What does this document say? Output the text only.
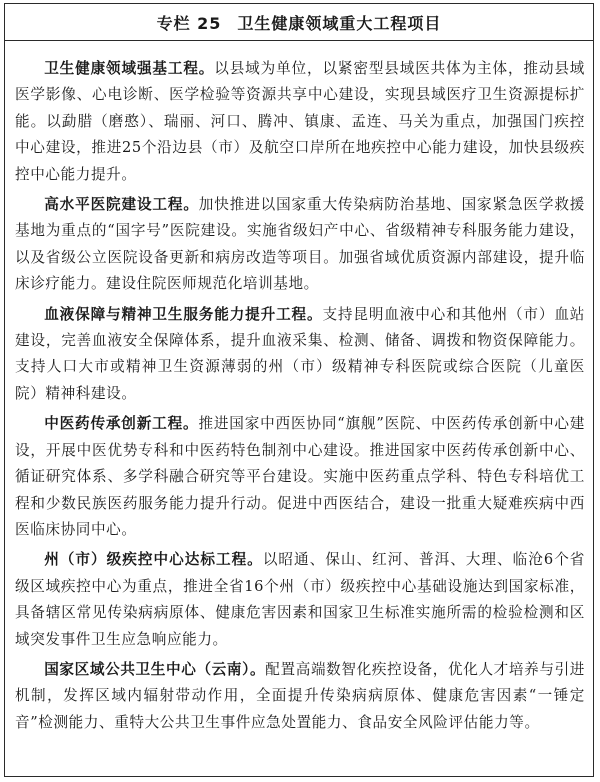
专栏 25 卫生健康领域重大工程项目

卫生健康领域强基工程。以县域为单位，以紧密型县域医共体为主体，推动县域医学影像、心电诊断、医学检验等资源共享中心建设，实现县域医疗卫生资源提标扩能。以勐腊（磨憨）、瑞丽、河口、腾冲、镇康、孟连、马关为重点，加强国门疾控中心建设，推进25个沿边县（市）及航空口岸所在地疾控中心能力建设，加快县级疾控中心能力提升。

高水平医院建设工程。加快推进以国家重大传染病防治基地、国家紧急医学救援基地为重点的“国字号”医院建设。实施省级妇产中心、省级精神专科服务能力建设，以及省级公立医院设备更新和病房改造等项目。加强省域优质资源内部建设，提升临床诊疗能力。建设住院医师规范化培训基地。

血液保障与精神卫生服务能力提升工程。支持昆明血液中心和其他州（市）血站建设，完善血液安全保障体系，提升血液采集、检测、储备、调拨和物资保障能力。支持人口大市或精神卫生资源薄弱的州（市）级精神专科医院或综合医院（儿童医院）精神科建设。

中医药传承创新工程。推进国家中西医协同“旗舰”医院、中医药传承创新中心建设，开展中医优势专科和中医药特色制剂中心建设。推进国家中医药传承创新中心、循证研究体系、多学科融合研究等平台建设。实施中医药重点学科、特色专科培优工程和少数民族医药服务能力提升行动。促进中西医结合，建设一批重大疑难疾病中西医临床协同中心。

州（市）级疾控中心达标工程。以昭通、保山、红河、普洱、大理、临沧6个省级区域疾控中心为重点，推进全省16个州（市）级疾控中心基础设施达到国家标准，具备辖区常见传染病病原体、健康危害因素和国家卫生标准实施所需的检验检测和区域突发事件卫生应急响应能力。

国家区域公共卫生中心（云南）。配置高端数智化疾控设备，优化人才培养与引进机制，发挥区域内辐射带动作用，全面提升传染病病原体、健康危害因素“一锤定音”检测能力、重特大公共卫生事件应急处置能力、食品安全风险评估能力等。
